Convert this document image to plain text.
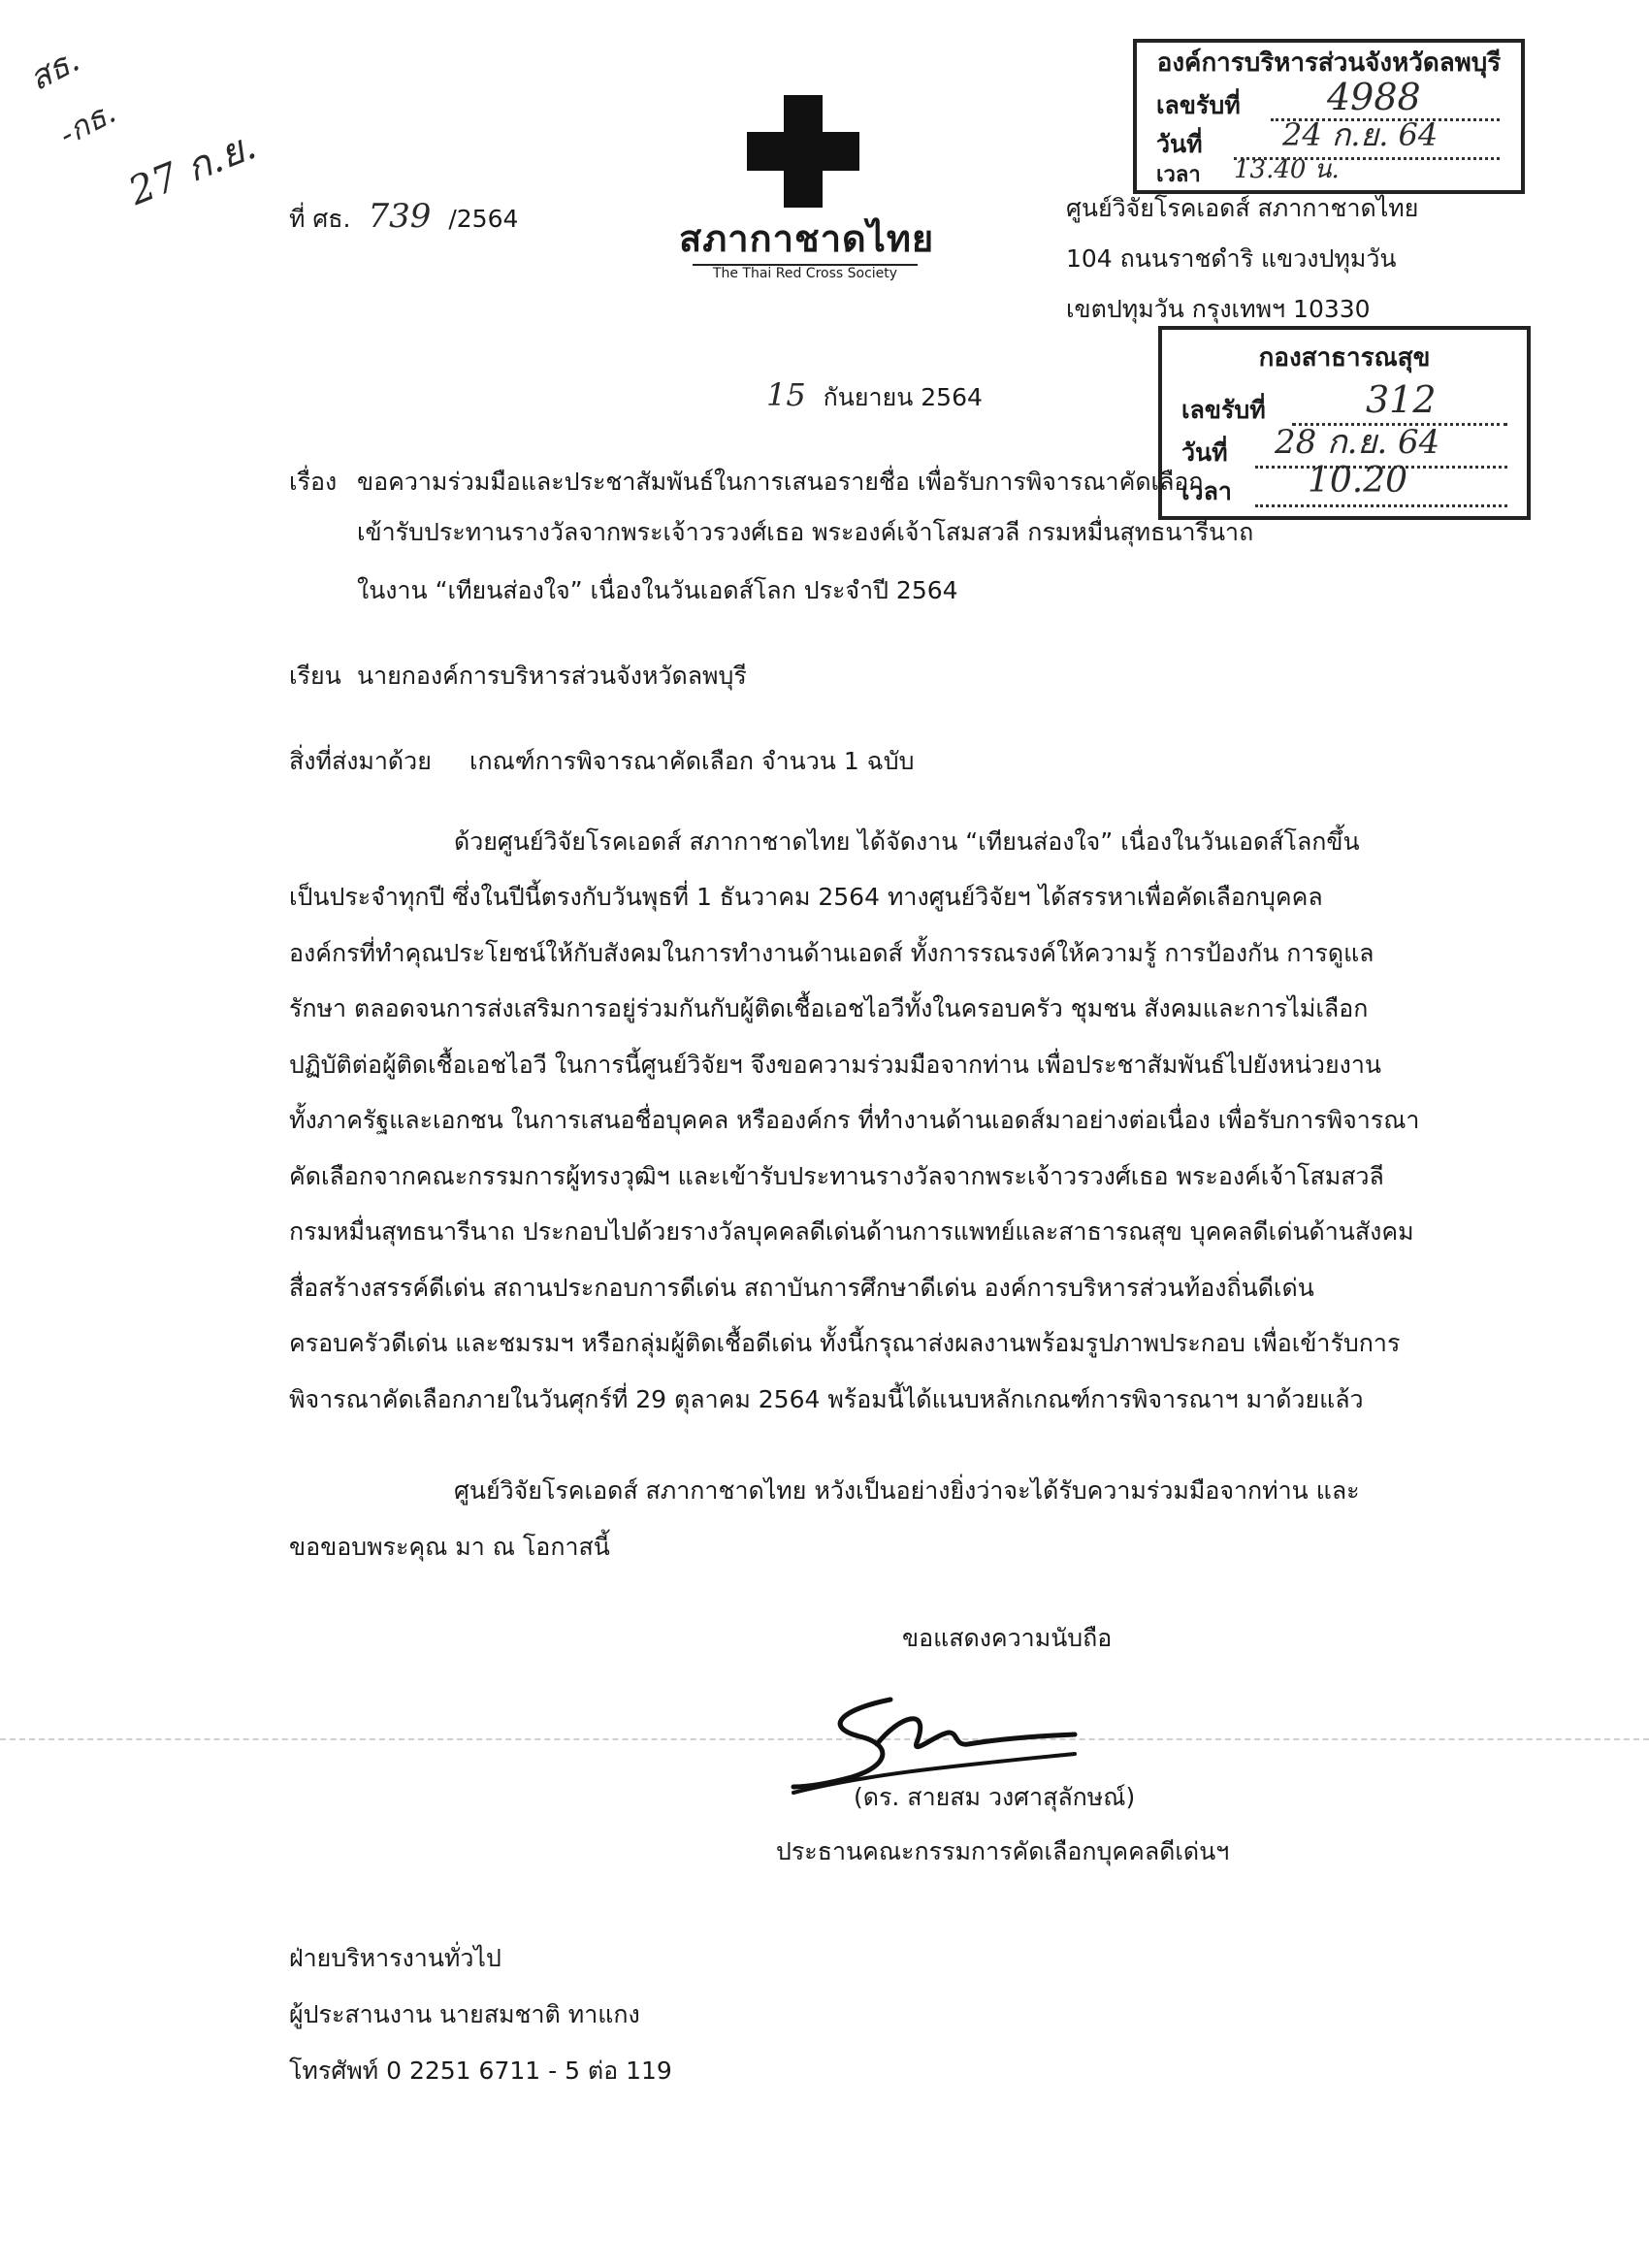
สธ.
-กธ.
27 ก.ย.
ที่ ศธ. 739 /2564	สภากาชาดไทย
The Thai Red Cross Society
ศูนย์วิจัยโรคเอดส์ สภากาชาดไทย
104 ถนนราชดำริ แขวงปทุมวัน
เขตปทุมวัน กรุงเทพฯ 10330
องค์การบริหารส่วนจังหวัดลพบุรี
เลขรับที่ 4988
วันที่	24 ก.ย. 64
เวลา 13.40 น.
กองสาธารณสุข
เลขรับที่	312
วันที่ 28 ก.ย. 64
เวลา 10.20
15 กันยายน 2564
เรื่อง ขอความร่วมมือและประชาสัมพันธ์ในการเสนอรายชื่อ เพื่อรับการพิจารณาคัดเลือก
เข้ารับประทานรางวัลจากพระเจ้าวรวงศ์เธอ พระองค์เจ้าโสมสวลี กรมหมื่นสุทธนารีนาถ
ในงาน “เทียนส่องใจ” เนื่องในวันเอดส์โลก ประจำปี 2564
เรียน นายกองค์การบริหารส่วนจังหวัดลพบุรี
สิ่งที่ส่งมาด้วย เกณฑ์การพิจารณาคัดเลือก จำนวน 1 ฉบับ
ด้วยศูนย์วิจัยโรคเอดส์ สภากาชาดไทย ได้จัดงาน “เทียนส่องใจ” เนื่องในวันเอดส์โลกขึ้น
เป็นประจำทุกปี ซึ่งในปีนี้ตรงกับวันพุธที่ 1 ธันวาคม 2564 ทางศูนย์วิจัยฯ ได้สรรหาเพื่อคัดเลือกบุคคล
องค์กรที่ทำคุณประโยชน์ให้กับสังคมในการทำงานด้านเอดส์ ทั้งการรณรงค์ให้ความรู้ การป้องกัน การดูแล
รักษา ตลอดจนการส่งเสริมการอยู่ร่วมกันกับผู้ติดเชื้อเอชไอวีทั้งในครอบครัว ชุมชน สังคมและการไม่เลือก
ปฏิบัติต่อผู้ติดเชื้อเอชไอวี ในการนี้ศูนย์วิจัยฯ จึงขอความร่วมมือจากท่าน เพื่อประชาสัมพันธ์ไปยังหน่วยงาน
ทั้งภาครัฐและเอกชน ในการเสนอชื่อบุคคล หรือองค์กร ที่ทำงานด้านเอดส์มาอย่างต่อเนื่อง เพื่อรับการพิจารณา
คัดเลือกจากคณะกรรมการผู้ทรงวุฒิฯ และเข้ารับประทานรางวัลจากพระเจ้าวรวงศ์เธอ พระองค์เจ้าโสมสวลี
กรมหมื่นสุทธนารีนาถ ประกอบไปด้วยรางวัลบุคคลดีเด่นด้านการแพทย์และสาธารณสุข บุคคลดีเด่นด้านสังคม
สื่อสร้างสรรค์ดีเด่น สถานประกอบการดีเด่น สถาบันการศึกษาดีเด่น องค์การบริหารส่วนท้องถิ่นดีเด่น
ครอบครัวดีเด่น และชมรมฯ หรือกลุ่มผู้ติดเชื้อดีเด่น ทั้งนี้กรุณาส่งผลงานพร้อมรูปภาพประกอบ เพื่อเข้ารับการ
พิจารณาคัดเลือกภายในวันศุกร์ที่ 29 ตุลาคม 2564 พร้อมนี้ได้แนบหลักเกณฑ์การพิจารณาฯ มาด้วยแล้ว
ศูนย์วิจัยโรคเอดส์ สภากาชาดไทย หวังเป็นอย่างยิ่งว่าจะได้รับความร่วมมือจากท่าน และ
ขอขอบพระคุณ มา ณ โอกาสนี้
ขอแสดงความนับถือ
(ดร. สายสม วงศาสุลักษณ์)
ประธานคณะกรรมการคัดเลือกบุคคลดีเด่นฯ
ฝ่ายบริหารงานทั่วไป
ผู้ประสานงาน นายสมชาติ ทาแกง
โทรศัพท์ 0 2251 6711 - 5 ต่อ 119
